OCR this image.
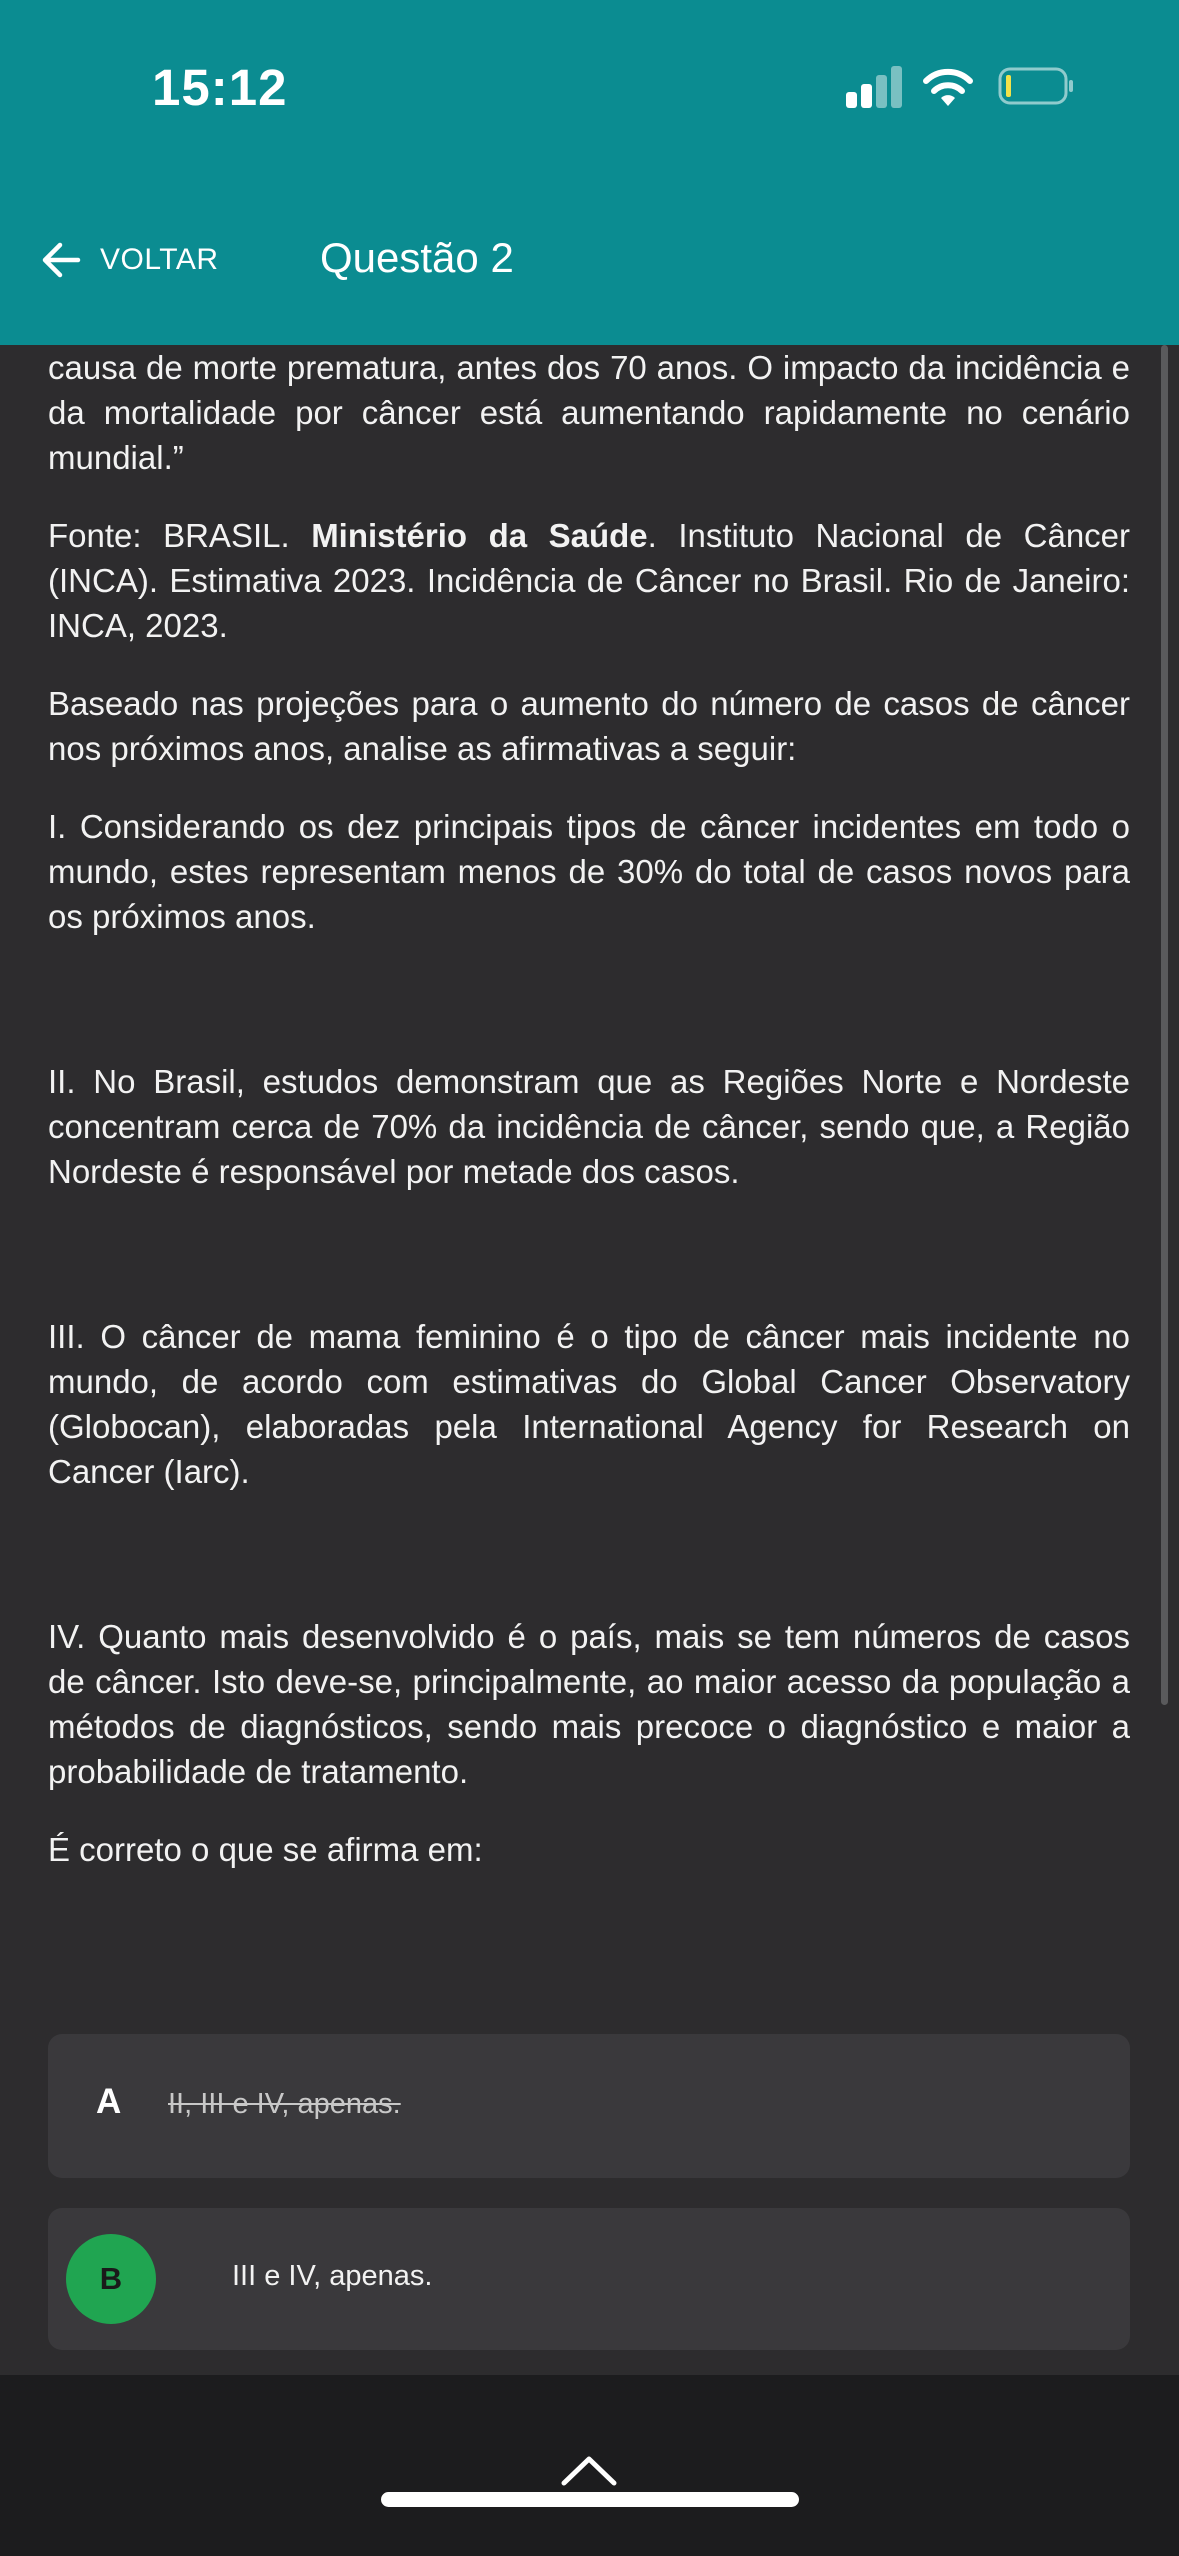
15:12
VOLTAR Questão 2

causa de morte prematura, antes dos 70 anos. O impacto da incidência e da mortalidade por câncer está aumentando rapidamente no cenário mundial.”

Fonte: BRASIL. Ministério da Saúde. Instituto Nacional de Câncer (INCA). Estimativa 2023. Incidência de Câncer no Brasil. Rio de Janeiro: INCA, 2023.

Baseado nas projeções para o aumento do número de casos de câncer nos próximos anos, analise as afirmativas a seguir:

I. Considerando os dez principais tipos de câncer incidentes em todo o mundo, estes representam menos de 30% do total de casos novos para os próximos anos.

II. No Brasil, estudos demonstram que as Regiões Norte e Nordeste concentram cerca de 70% da incidência de câncer, sendo que, a Região Nordeste é responsável por metade dos casos.

III. O câncer de mama feminino é o tipo de câncer mais incidente no mundo, de acordo com estimativas do Global Cancer Observatory (Globocan), elaboradas pela International Agency for Research on Cancer (Iarc).

IV. Quanto mais desenvolvido é o país, mais se tem números de casos de câncer. Isto deve-se, principalmente, ao maior acesso da população a métodos de diagnósticos, sendo mais precoce o diagnóstico e maior a probabilidade de tratamento.

É correto o que se afirma em:

A II, III e IV, apenas.
B	III e IV, apenas.
